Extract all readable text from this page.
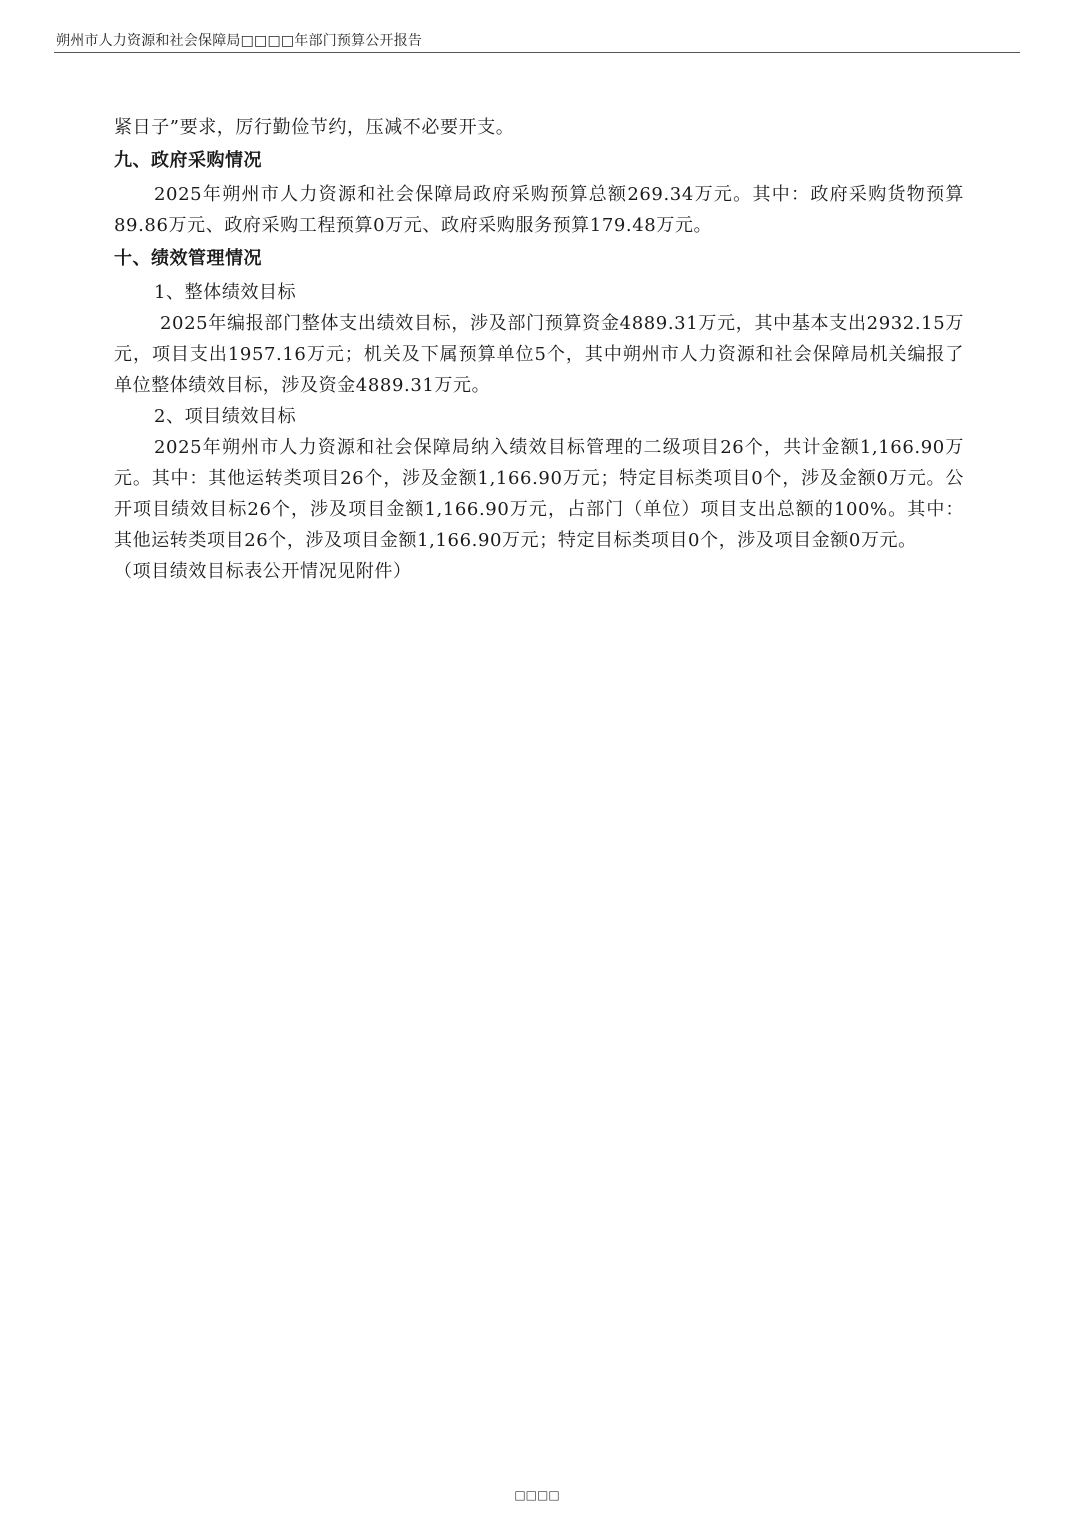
朔州市人力资源和社会保障局□□□□年部门预算公开报告

紧日子”要求，厉行勤俭节约，压减不必要开支。

九、政府采购情况

2025年朔州市人力资源和社会保障局政府采购预算总额269.34万元。其中：政府采购货物预算89.86万元、政府采购工程预算0万元、政府采购服务预算179.48万元。

十、绩效管理情况

1、整体绩效目标

2025年编报部门整体支出绩效目标，涉及部门预算资金4889.31万元，其中基本支出2932.15万元，项目支出1957.16万元；机关及下属预算单位5个，其中朔州市人力资源和社会保障局机关编报了单位整体绩效目标，涉及资金4889.31万元。

2、项目绩效目标

2025年朔州市人力资源和社会保障局纳入绩效目标管理的二级项目26个，共计金额1,166.90万元。其中：其他运转类项目26个，涉及金额1,166.90万元；特定目标类项目0个，涉及金额0万元。公开项目绩效目标26个，涉及项目金额1,166.90万元，占部门（单位）项目支出总额的100%。其中：其他运转类项目26个，涉及项目金额1,166.90万元；特定目标类项目0个，涉及项目金额0万元。

（项目绩效目标表公开情况见附件）

□□□□
